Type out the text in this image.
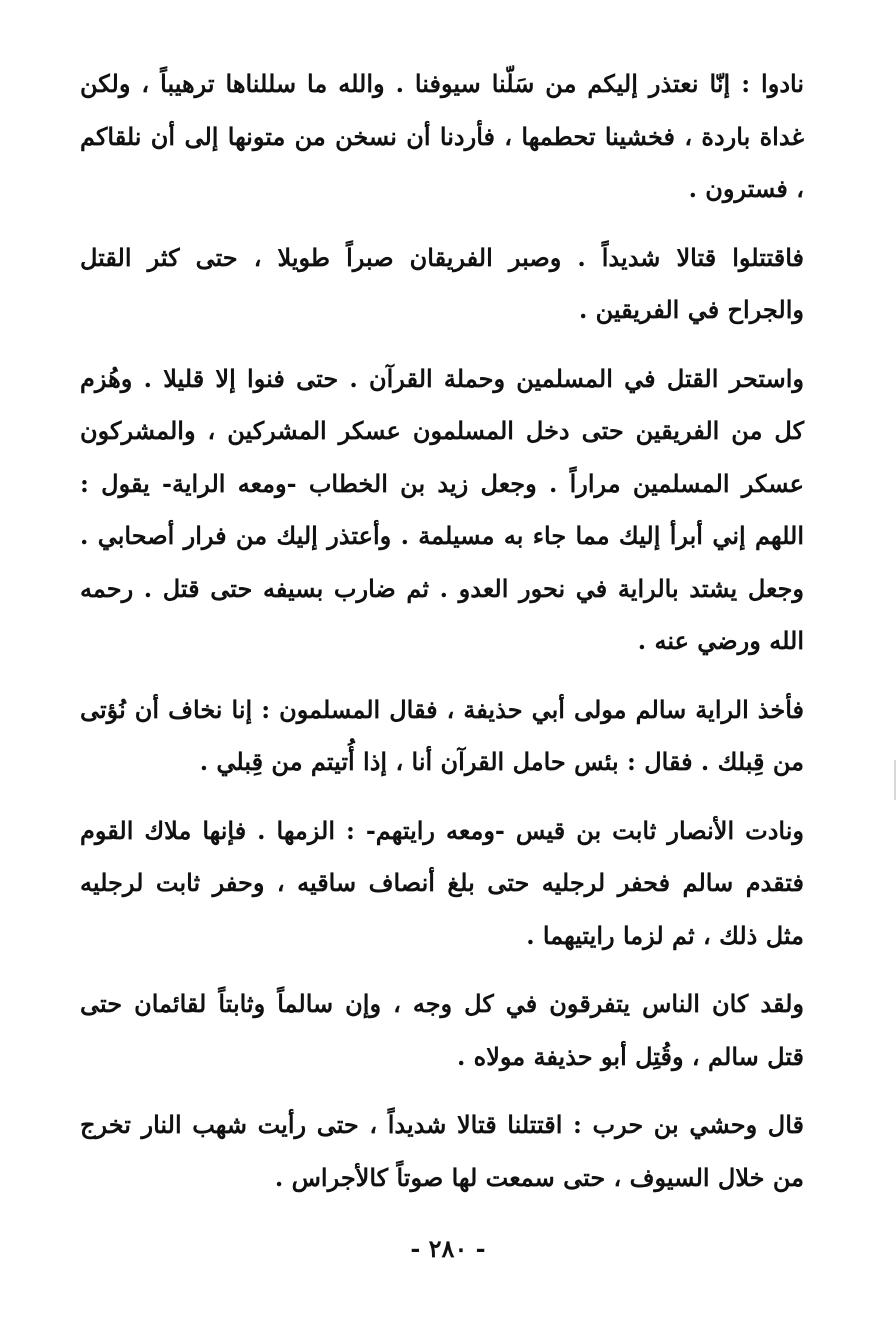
نادوا : إنّا نعتذر إليكم من سَلّنا سيوفنا . والله ما سللناها ترهيباً ، ولكن غداة باردة ، فخشينا تحطمها ، فأردنا أن نسخن من متونها إلى أن نلقاكم ، فسترون .

فاقتتلوا قتالا شديداً . وصبر الفريقان صبراً طويلا ، حتى كثر القتل والجراح في الفريقين .

واستحر القتل في المسلمين وحملة القرآن . حتى فنوا إلا قليلا . وهُزم كل من الفريقين حتى دخل المسلمون عسكر المشركين ، والمشركون عسكر المسلمين مراراً . وجعل زيد بن الخطاب -ومعه الراية- يقول : اللهم إني أبرأ إليك مما جاء به مسيلمة . وأعتذر إليك من فرار أصحابي . وجعل يشتد بالراية في نحور العدو . ثم ضارب بسيفه حتى قتل . رحمه الله ورضي عنه .

فأخذ الراية سالم مولى أبي حذيفة ، فقال المسلمون : إنا نخاف أن نُؤتى من قِبلك . فقال : بئس حامل القرآن أنا ، إذا أُتيتم من قِبلي .

ونادت الأنصار ثابت بن قيس -ومعه رايتهم- : الزمها . فإنها ملاك القوم فتقدم سالم فحفر لرجليه حتى بلغ أنصاف ساقيه ، وحفر ثابت لرجليه مثل ذلك ، ثم لزما رايتيهما .

ولقد كان الناس يتفرقون في كل وجه ، وإن سالماً وثابتاً لقائمان حتى قتل سالم ، وقُتِل أبو حذيفة مولاه .

قال وحشي بن حرب : اقتتلنا قتالا شديداً ، حتى رأيت شهب النار تخرج من خلال السيوف ، حتى سمعت لها صوتاً كالأجراس .

- ٢٨٠ -
